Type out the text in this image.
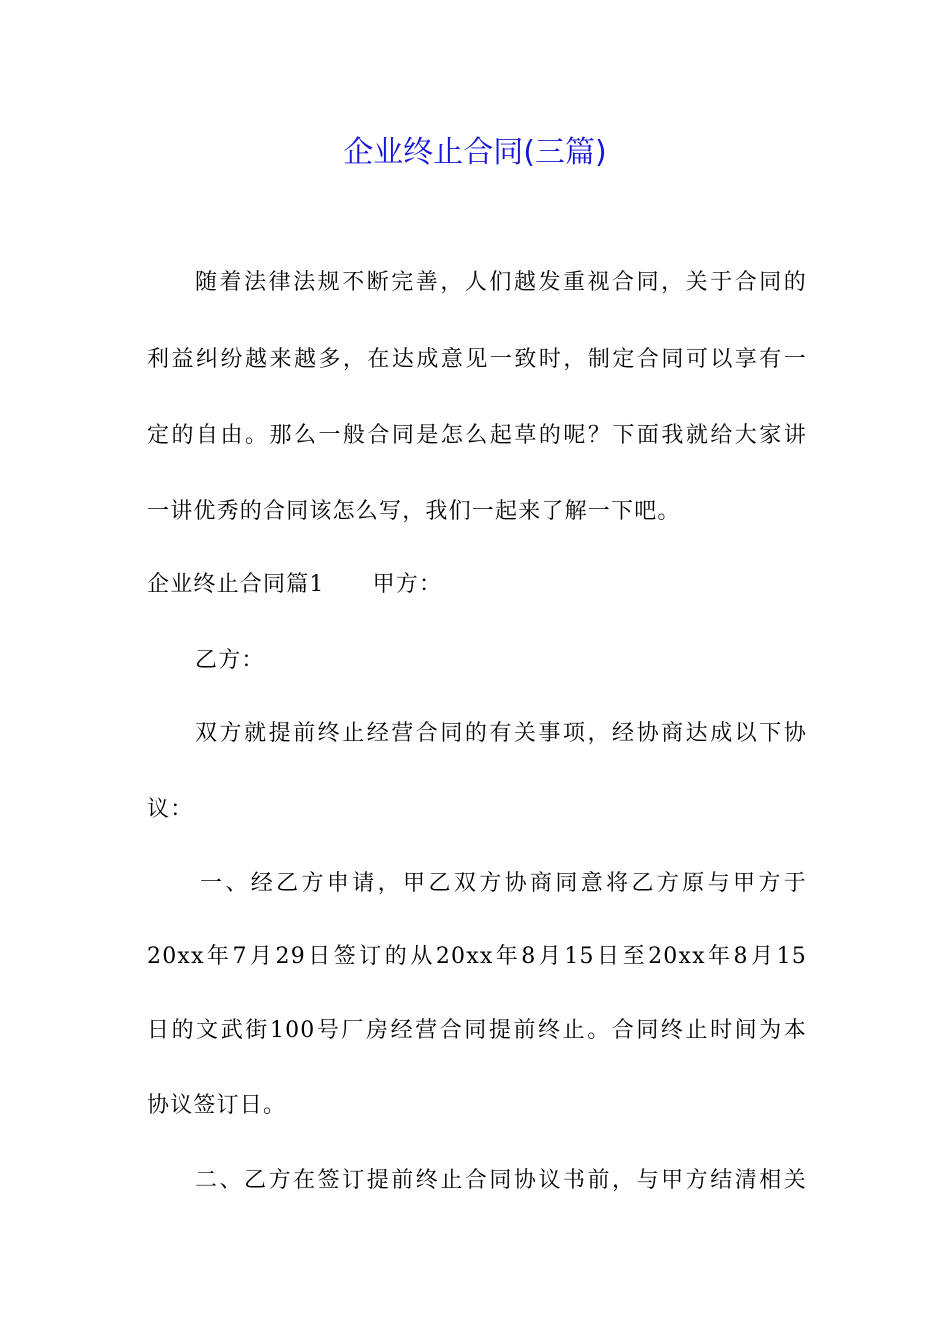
企业终止合同(三篇)
随着法律法规不断完善，人们越发重视合同，关于合同的
利益纠纷越来越多，在达成意见一致时，制定合同可以享有一
定的自由。那么一般合同是怎么起草的呢？下面我就给大家讲
一讲优秀的合同该怎么写，我们一起来了解一下吧。
企业终止合同篇1 甲方：
乙方：
双方就提前终止经营合同的有关事项，经协商达成以下协
议：
一、经乙方申请，甲乙双方协商同意将乙方原与甲方于
20xx年7月29日签订的从20xx年8月15日至20xx年8月15
日的文武街100号厂房经营合同提前终止。合同终止时间为本
协议签订日。
二、乙方在签订提前终止合同协议书前，与甲方结清相关
